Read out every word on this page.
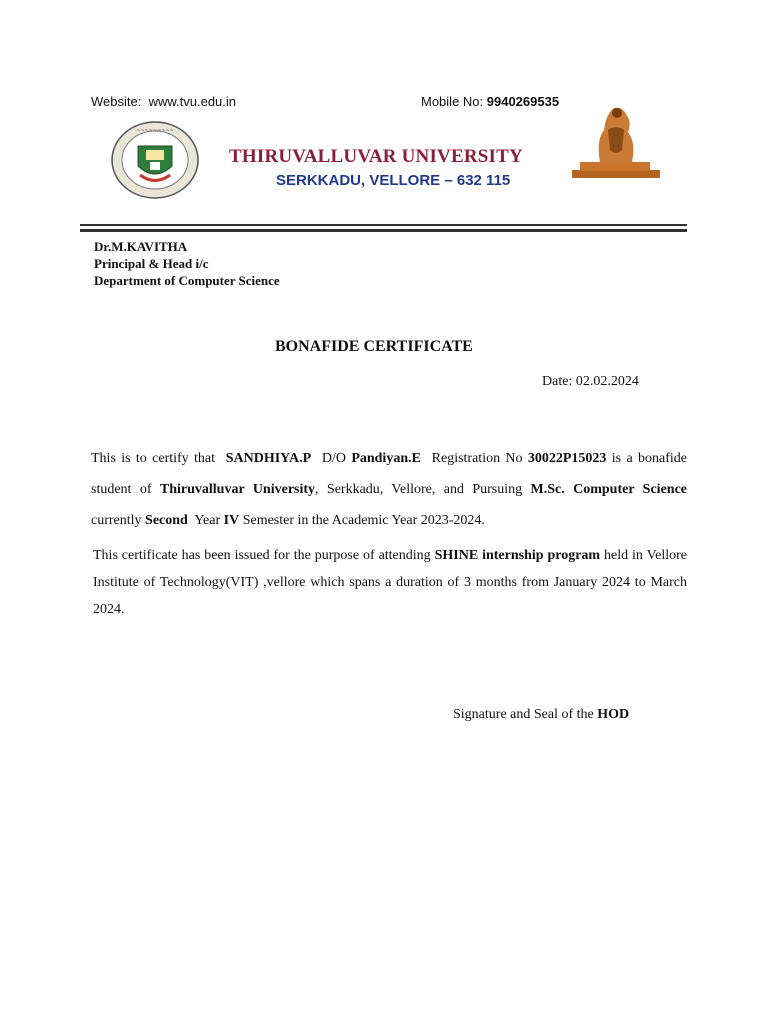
Website: www.tvu.edu.in	Mobile No: 9940269535
~~~~~~~~~
THIRUVALLUVAR UNIVERSITY
SERKKADU, VELLORE – 632 115
Dr.M.KAVITHA
Principal & Head i/c
Department of Computer Science
BONAFIDE CERTIFICATE
Date: 02.02.2024
This is to certify that SANDHIYA.P D/O Pandiyan.E Registration No 30022P15023 is a bonafide student of Thiruvalluvar University, Serkkadu, Vellore, and Pursuing M.Sc. Computer Science currently Second Year IV Semester in the Academic Year 2023-2024.
This certificate has been issued for the purpose of attending SHINE internship program held in Vellore Institute of Technology(VIT) ,vellore which spans a duration of 3 months from January 2024 to March 2024.
Signature and Seal of the HOD
